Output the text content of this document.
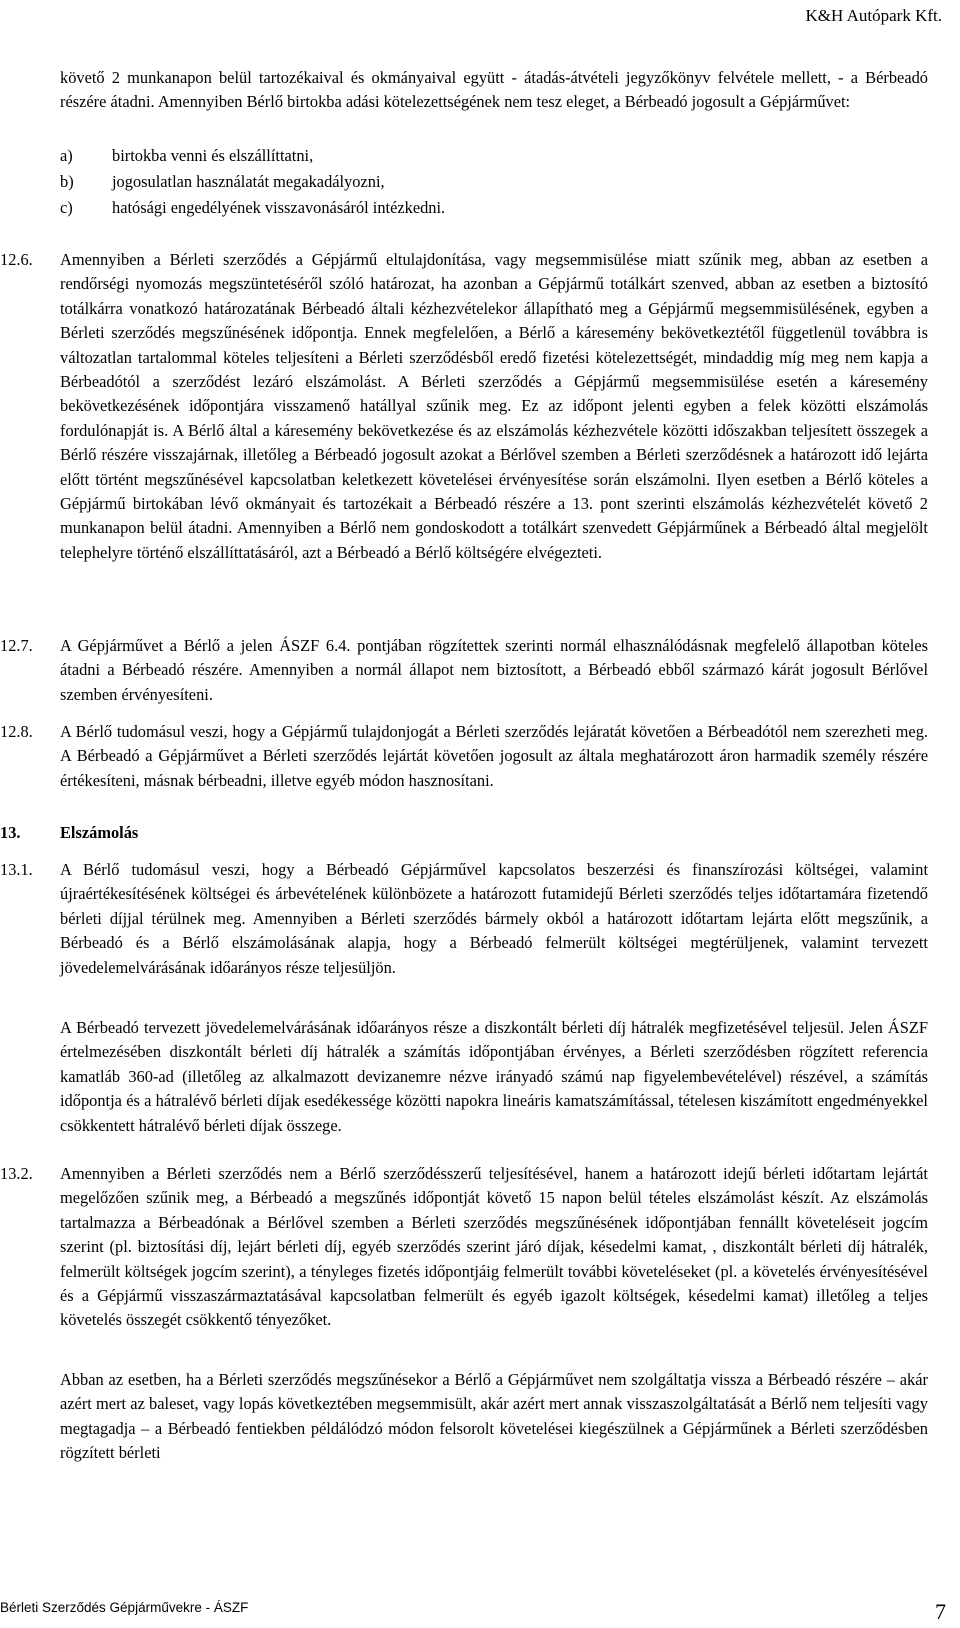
K&H Autópark Kft.

követő 2 munkanapon belül tartozékaival és okmányaival együtt - átadás-átvételi jegyzőkönyv felvétele mellett, - a Bérbeadó részére átadni. Amennyiben Bérlő birtokba adási kötelezettségének nem tesz eleget, a Bérbeadó jogosult a Gépjárművet:

a)	birtokba venni és elszállíttatni,
b)	jogosulatlan használatát megakadályozni,
c)	hatósági engedélyének visszavonásáról intézkedni.
12.6.	Amennyiben a Bérleti szerződés a Gépjármű eltulajdonítása, vagy megsemmisülése miatt szűnik meg, abban az esetben a rendőrségi nyomozás megszüntetéséről szóló határozat, ha azonban a Gépjármű totálkárt szenved, abban az esetben a biztosító totálkárra vonatkozó határozatának Bérbeadó általi kézhezvételekor állapítható meg a Gépjármű megsemmisülésének, egyben a Bérleti szerződés megszűnésének időpontja. Ennek megfelelően, a Bérlő a káresemény bekövetkeztétől függetlenül továbbra is változatlan tartalommal köteles teljesíteni a Bérleti szerződésből eredő fizetési kötelezettségét, mindaddig míg meg nem kapja a Bérbeadótól a szerződést lezáró elszámolást. A Bérleti szerződés a Gépjármű megsemmisülése esetén a káresemény bekövetkezésének időpontjára visszamenő hatállyal szűnik meg. Ez az időpont jelenti egyben a felek közötti elszámolás fordulónapját is. A Bérlő által a káresemény bekövetkezése és az elszámolás kézhezvétele közötti időszakban teljesített összegek a Bérlő részére visszajárnak, illetőleg a Bérbeadó jogosult azokat a Bérlővel szemben a Bérleti szerződésnek a határozott idő lejárta előtt történt megszűnésével kapcsolatban keletkezett követelései érvényesítése során elszámolni. Ilyen esetben a Bérlő köteles a Gépjármű birtokában lévő okmányait és tartozékait a Bérbeadó részére a 13. pont szerinti elszámolás kézhezvételét követő 2 munkanapon belül átadni. Amennyiben a Bérlő nem gondoskodott a totálkárt szenvedett Gépjárműnek a Bérbeadó által megjelölt telephelyre történő elszállíttatásáról, azt a Bérbeadó a Bérlő költségére elvégezteti.
12.7.	A Gépjárművet a Bérlő a jelen ÁSZF 6.4. pontjában rögzítettek szerinti normál elhasználódásnak megfelelő állapotban köteles átadni a Bérbeadó részére. Amennyiben a normál állapot nem biztosított, a Bérbeadó ebből származó kárát jogosult Bérlővel szemben érvényesíteni.
12.8.	A Bérlő tudomásul veszi, hogy a Gépjármű tulajdonjogát a Bérleti szerződés lejáratát követően a Bérbeadótól nem szerezheti meg. A Bérbeadó a Gépjárművet a Bérleti szerződés lejártát követően jogosult az általa meghatározott áron harmadik személy részére értékesíteni, másnak bérbeadni, illetve egyéb módon hasznosítani.
13.	Elszámolás
13.1.	A Bérlő tudomásul veszi, hogy a Bérbeadó Gépjárművel kapcsolatos beszerzési és finanszírozási költségei, valamint újraértékesítésének költségei és árbevételének különbözete a határozott futamidejű Bérleti szerződés teljes időtartamára fizetendő bérleti díjjal térülnek meg. Amennyiben a Bérleti szerződés bármely okból a határozott időtartam lejárta előtt megszűnik, a Bérbeadó és a Bérlő elszámolásának alapja, hogy a Bérbeadó felmerült költségei megtérüljenek, valamint tervezett jövedelemelvárásának időarányos része teljesüljön.
A Bérbeadó tervezett jövedelemelvárásának időarányos része a diszkontált bérleti díj hátralék megfizetésével teljesül. Jelen ÁSZF értelmezésében diszkontált bérleti díj hátralék a számítás időpontjában érvényes, a Bérleti szerződésben rögzített referencia kamatláb 360-ad (illetőleg az alkalmazott devizanemre nézve irányadó számú nap figyelembevételével) részével, a számítás időpontja és a hátralévő bérleti díjak esedékessége közötti napokra lineáris kamatszámítással, tételesen kiszámított engedményekkel csökkentett hátralévő bérleti díjak összege.
13.2.	Amennyiben a Bérleti szerződés nem a Bérlő szerződésszerű teljesítésével, hanem a határozott idejű bérleti időtartam lejártát megelőzően szűnik meg, a Bérbeadó a megszűnés időpontját követő 15 napon belül tételes elszámolást készít. Az elszámolás tartalmazza a Bérbeadónak a Bérlővel szemben a Bérleti szerződés megszűnésének időpontjában fennállt követeléseit jogcím szerint (pl. biztosítási díj, lejárt bérleti díj, egyéb szerződés szerint járó díjak, késedelmi kamat, , diszkontált bérleti díj hátralék, felmerült költségek jogcím szerint), a tényleges fizetés időpontjáig felmerült további követeléseket (pl. a követelés érvényesítésével és a Gépjármű visszaszármaztatásával kapcsolatban felmerült és egyéb igazolt költségek, késedelmi kamat) illetőleg a teljes követelés összegét csökkentő tényezőket.
Abban az esetben, ha a Bérleti szerződés megszűnésekor a Bérlő a Gépjárművet nem szolgáltatja vissza a Bérbeadó részére – akár azért mert az baleset, vagy lopás következtében megsemmisült, akár azért mert annak visszaszolgáltatását a Bérlő nem teljesíti vagy megtagadja – a Bérbeadó fentiekben példálódzó módon felsorolt követelései kiegészülnek a Gépjárműnek a Bérleti szerződésben rögzített bérleti
Bérleti Szerződés Gépjárművekre - ÁSZF	7
